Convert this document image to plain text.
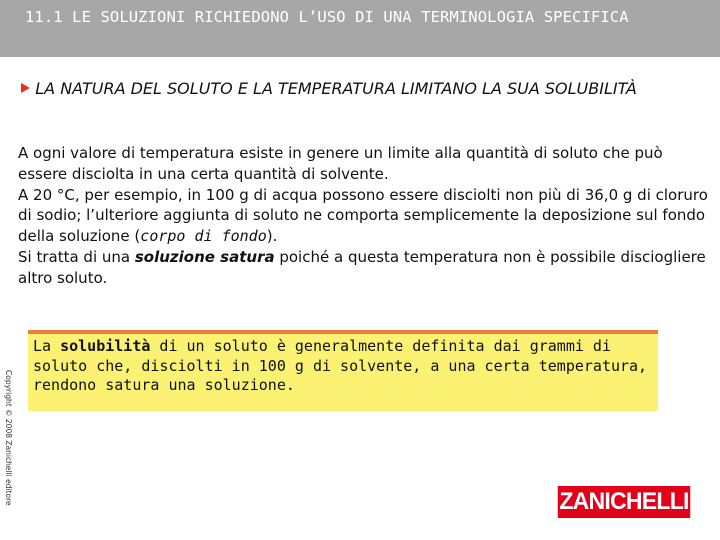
11.1 LE SOLUZIONI RICHIEDONO L’USO DI UNA TERMINOLOGIA SPECIFICA
LA NATURA DEL SOLUTO E LA TEMPERATURA LIMITANO LA SUA SOLUBILITÀ

A ogni valore di temperatura esiste in genere un limite alla quantità di soluto che può essere disciolta in una certa quantità di solvente.

A 20 °C, per esempio, in 100 g di acqua possono essere disciolti non più di 36,0 g di cloruro di sodio; l’ulteriore aggiunta di soluto ne comporta semplicemente la deposizione sul fondo della soluzione (corpo di fondo).

Si tratta di una soluzione satura poiché a questa temperatura non è possibile disciogliere altro soluto.

La solubilità di un soluto è generalmente definita dai grammi di soluto che, disciolti in 100 g di solvente, a una certa temperatura, rendono satura una soluzione.
Copyright © 2008 Zanichelli editore	ZANICHELLI
